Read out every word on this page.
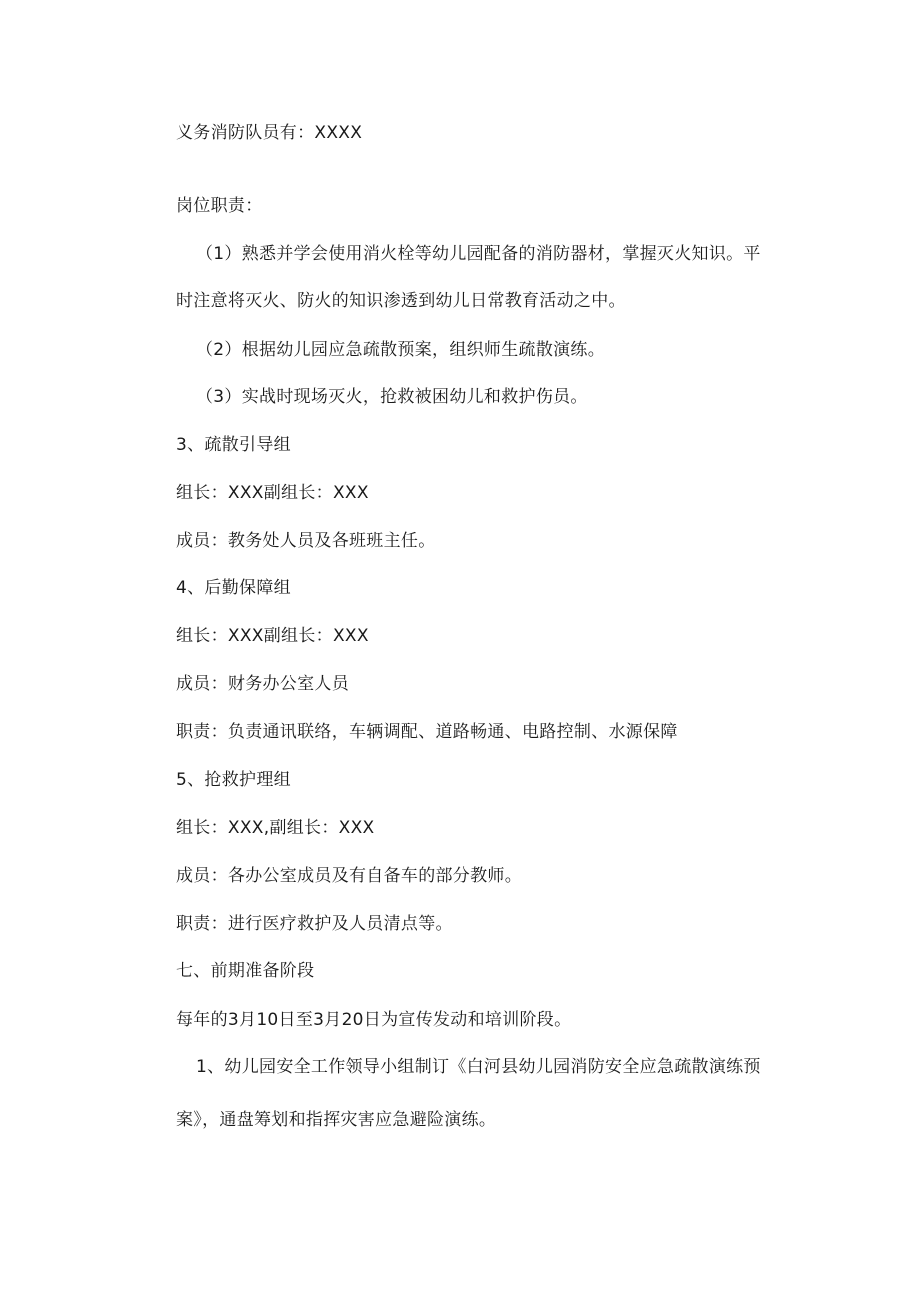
义务消防队员有：XXXX
岗位职责：
（1）熟悉并学会使用消火栓等幼儿园配备的消防器材，掌握灭火知识。平
时注意将灭火、防火的知识渗透到幼儿日常教育活动之中。
（2）根据幼儿园应急疏散预案，组织师生疏散演练。
（3）实战时现场灭火，抢救被困幼儿和救护伤员。
3、疏散引导组
组长：XXX副组长：XXX
成员：教务处人员及各班班主任。
4、后勤保障组
组长：XXX副组长：XXX
成员：财务办公室人员
职责：负责通讯联络，车辆调配、道路畅通、电路控制、水源保障
5、抢救护理组
组长：XXX,副组长：XXX
成员：各办公室成员及有自备车的部分教师。
职责：进行医疗救护及人员清点等。
七、前期准备阶段
每年的3月10日至3月20日为宣传发动和培训阶段。
1、幼儿园安全工作领导小组制订《白河县幼儿园消防安全应急疏散演练预
案》，通盘筹划和指挥灾害应急避险演练。
